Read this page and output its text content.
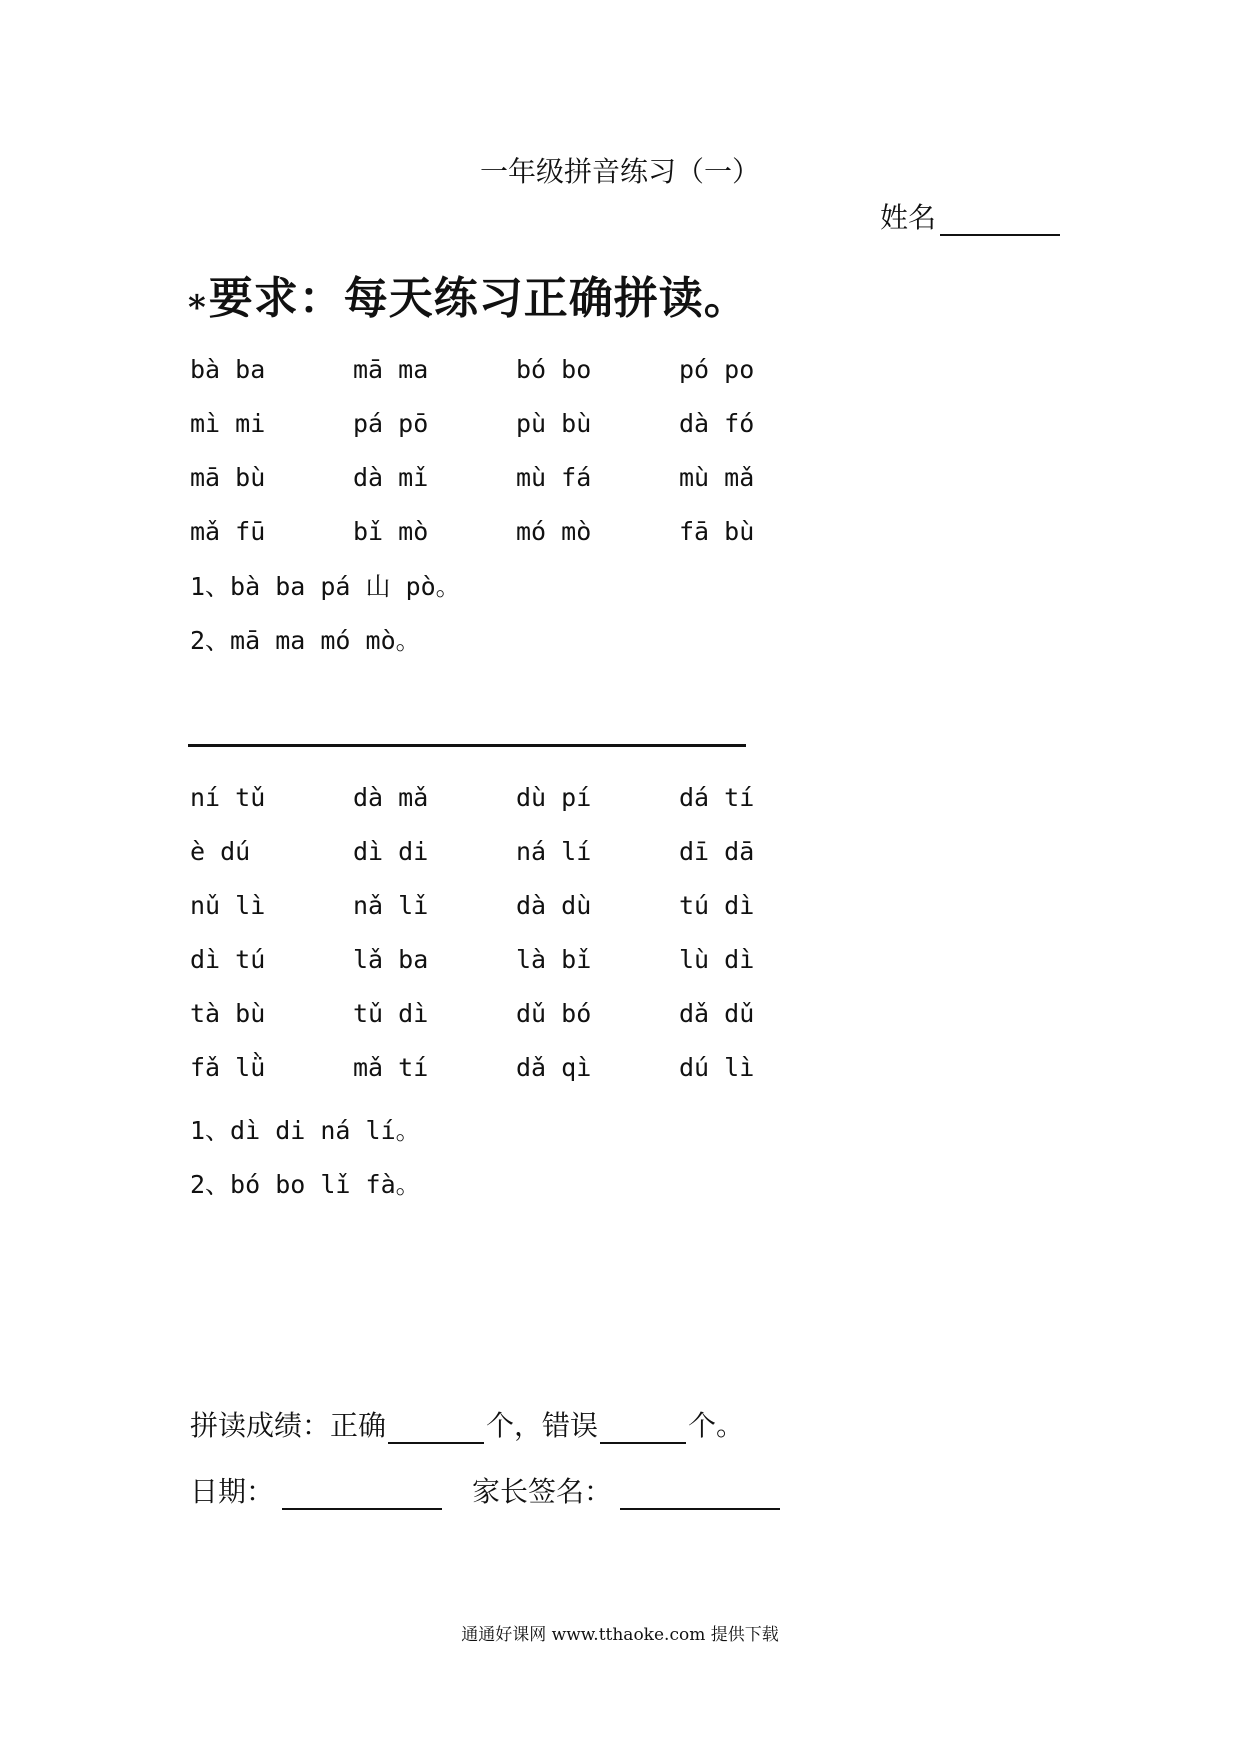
一年级拼音练习（一）
姓名
*要求：每天练习正确拼读。
bà ba	mā ma	bó bo	pó po
mì mi	pá pō	pù bù	dà fó
mā bù	dà mǐ	mù fá	mù mǎ
mǎ fū	bǐ mò	mó mò	fā bù
1、bà ba pá 山 pò。
2、mā ma mó mò。
ní tǔ	dà mǎ	dù pí	dá tí
è dú	dì di	ná lí	dī dā
nǔ lì	nǎ lǐ	dà dù	tú dì
dì tú	lǎ ba	là bǐ	lù dì
tà bù	tǔ dì	dǔ bó	dǎ dǔ
fǎ lǜ	mǎ tí	dǎ qì	dú lì
1、dì di ná lí。
2、bó bo lǐ fà。
拼读成绩：正确	个，错误	个。
日期：	家长签名：
通通好课网 www.tthaoke.com 提供下载
